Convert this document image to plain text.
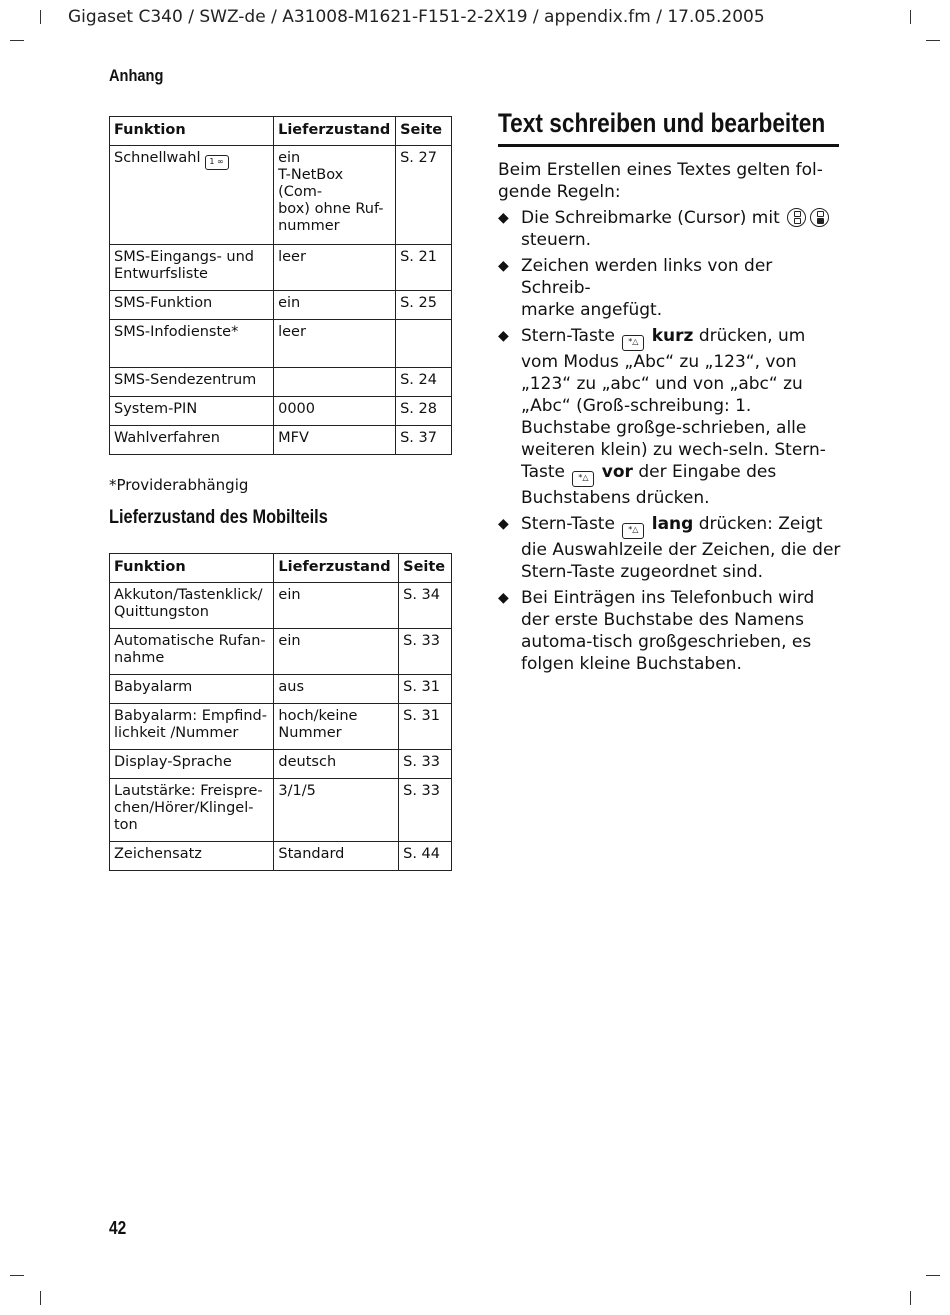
Gigaset C340 / SWZ-de / A31008-M1621-F151-2-2X19 / appendix.fm / 17.05.2005
Anhang
Funktion	Lieferzustand	Seite
Schnellwahl 1 ∞	ein
T-NetBox (Com-
box) ohne Ruf-
nummer	S. 27
SMS-Eingangs- und
Entwurfsliste	leer	S. 21
SMS-Funktion	ein	S. 25
SMS-Infodienste*	leer	
SMS-Sendezentrum		S. 24
System-PIN	0000	S. 28
Wahlverfahren	MFV	S. 37
*Providerabhängig
Lieferzustand des Mobilteils
Funktion	Lieferzustand	Seite
Akkuton/Tastenklick/
Quittungston	ein	S. 34
Automatische Rufan-
nahme	ein	S. 33
Babyalarm	aus	S. 31
Babyalarm: Empfind-
lichkeit /Nummer	hoch/keine
Nummer	S. 31
Display-Sprache	deutsch	S. 33
Lautstärke: Freispre-
chen/Hörer/Klingel-
ton	3/1/5	S. 33
Zeichensatz	Standard	S. 44
Text schreiben und bearbeiten

Beim Erstellen eines Textes gelten fol-
gende Regeln:

◆ Die Schreibmarke (Cursor) mit
steuern.
◆ Zeichen werden links von der Schreib-
marke angefügt.
◆ Stern-Taste *△ kurz drücken, um vom Modus „Abc“ zu „123“, von „123“ zu „abc“ und von „abc“ zu „Abc“ (Groß-schreibung: 1. Buchstabe großge-schrieben, alle weiteren klein) zu wech-seln. Stern-Taste *△ vor der Eingabe des Buchstabens drücken.
◆ Stern-Taste *△ lang drücken: Zeigt die Auswahlzeile der Zeichen, die der Stern-Taste zugeordnet sind.
◆ Bei Einträgen ins Telefonbuch wird der erste Buchstabe des Namens automa-tisch großgeschrieben, es folgen kleine Buchstaben.
42
